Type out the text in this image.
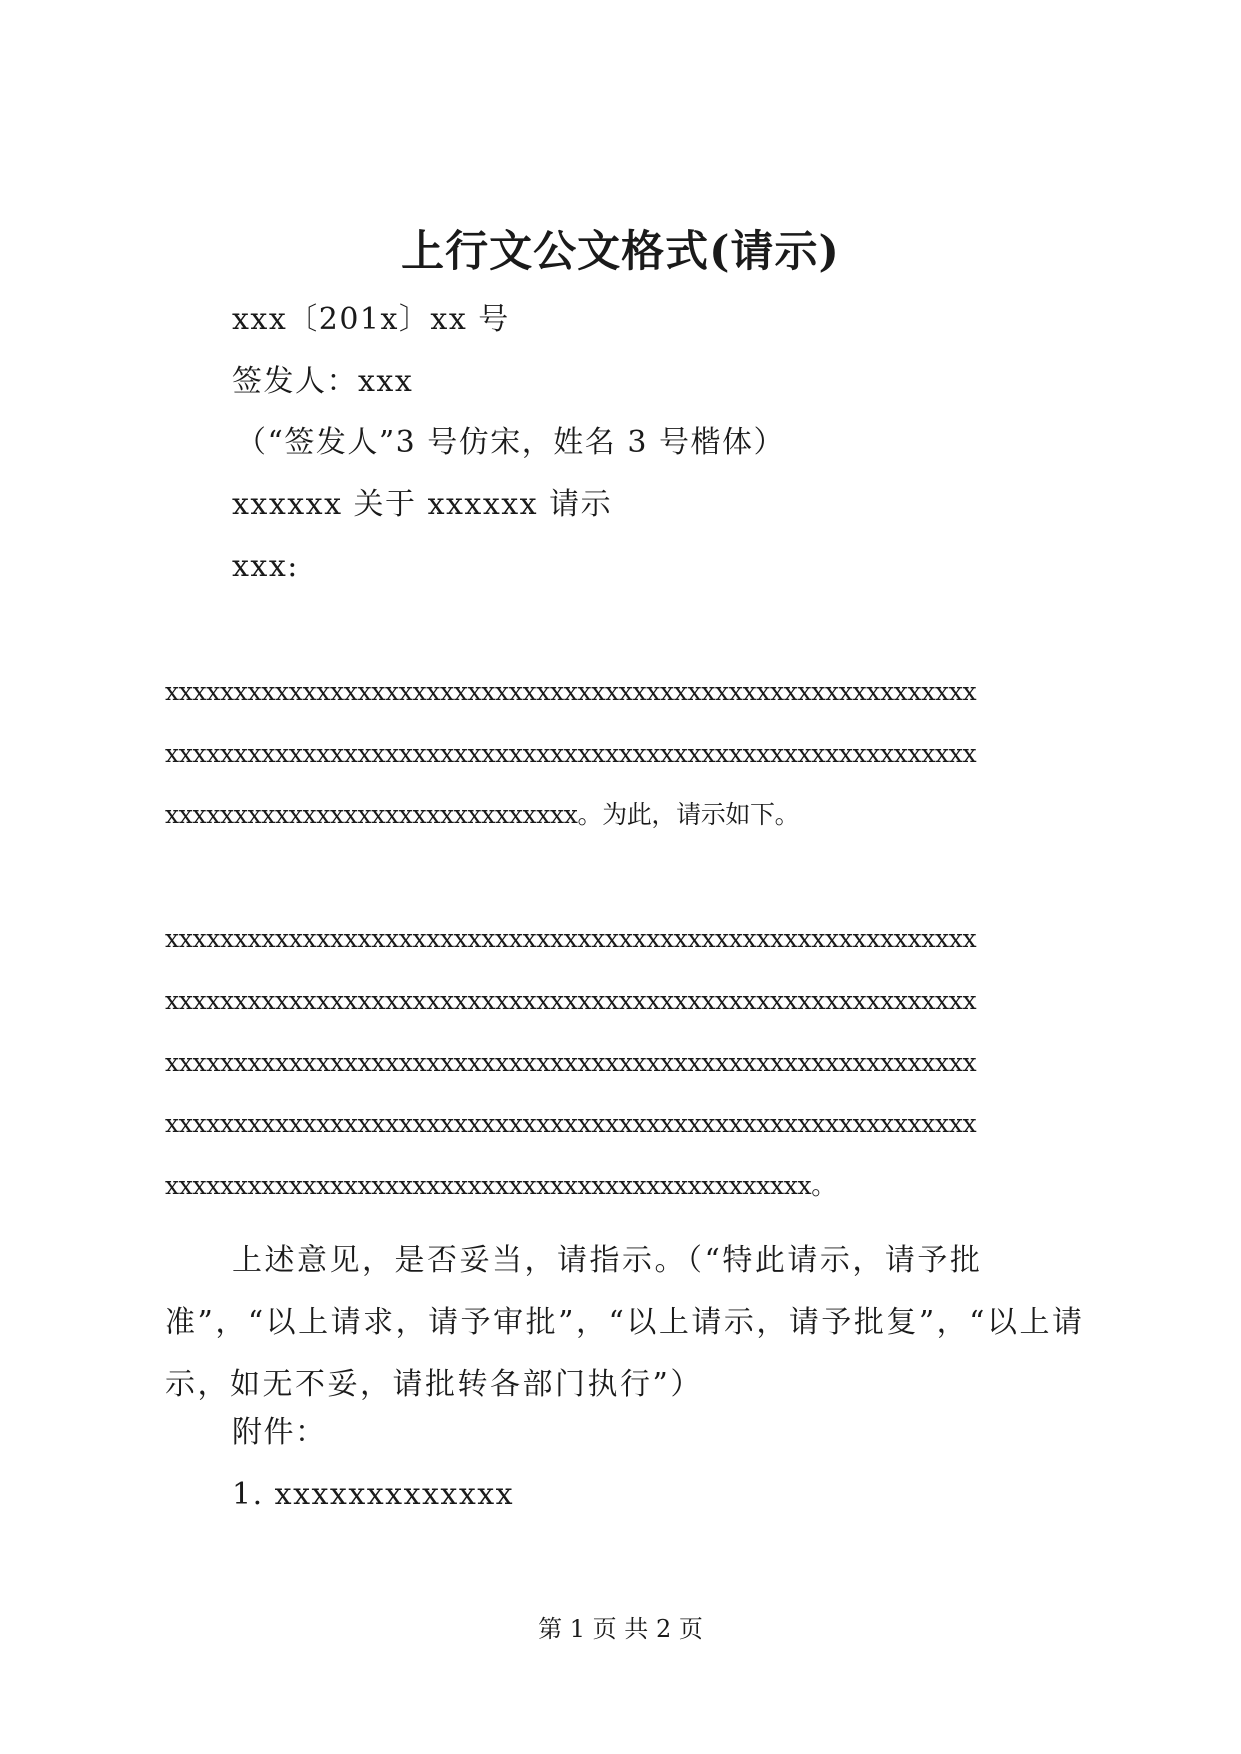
上行文公文格式(请示)
xxx〔201x〕xx 号
签发人：xxx
（“签发人”3 号仿宋，姓名 3 号楷体）
xxxxxx 关于 xxxxxx 请示
xxx:
xxxxxxxxxxxxxxxxxxxxxxxxxxxxxxxxxxxxxxxxxxxxxxxxxxxxxxxxxxx
xxxxxxxxxxxxxxxxxxxxxxxxxxxxxxxxxxxxxxxxxxxxxxxxxxxxxxxxxxx
xxxxxxxxxxxxxxxxxxxxxxxxxxxxxx。为此，请示如下。
xxxxxxxxxxxxxxxxxxxxxxxxxxxxxxxxxxxxxxxxxxxxxxxxxxxxxxxxxxx
xxxxxxxxxxxxxxxxxxxxxxxxxxxxxxxxxxxxxxxxxxxxxxxxxxxxxxxxxxx
xxxxxxxxxxxxxxxxxxxxxxxxxxxxxxxxxxxxxxxxxxxxxxxxxxxxxxxxxxx
xxxxxxxxxxxxxxxxxxxxxxxxxxxxxxxxxxxxxxxxxxxxxxxxxxxxxxxxxxx
xxxxxxxxxxxxxxxxxxxxxxxxxxxxxxxxxxxxxxxxxxxxxxx。
上述意见，是否妥当，请指示。（“特此请示，请予批准”，“以上请求，请予审批”，“以上请示，请予批复”，“以上请示，如无不妥，请批转各部门执行”）
附件：
1. xxxxxxxxxxxxx
第 1 页 共 2 页
